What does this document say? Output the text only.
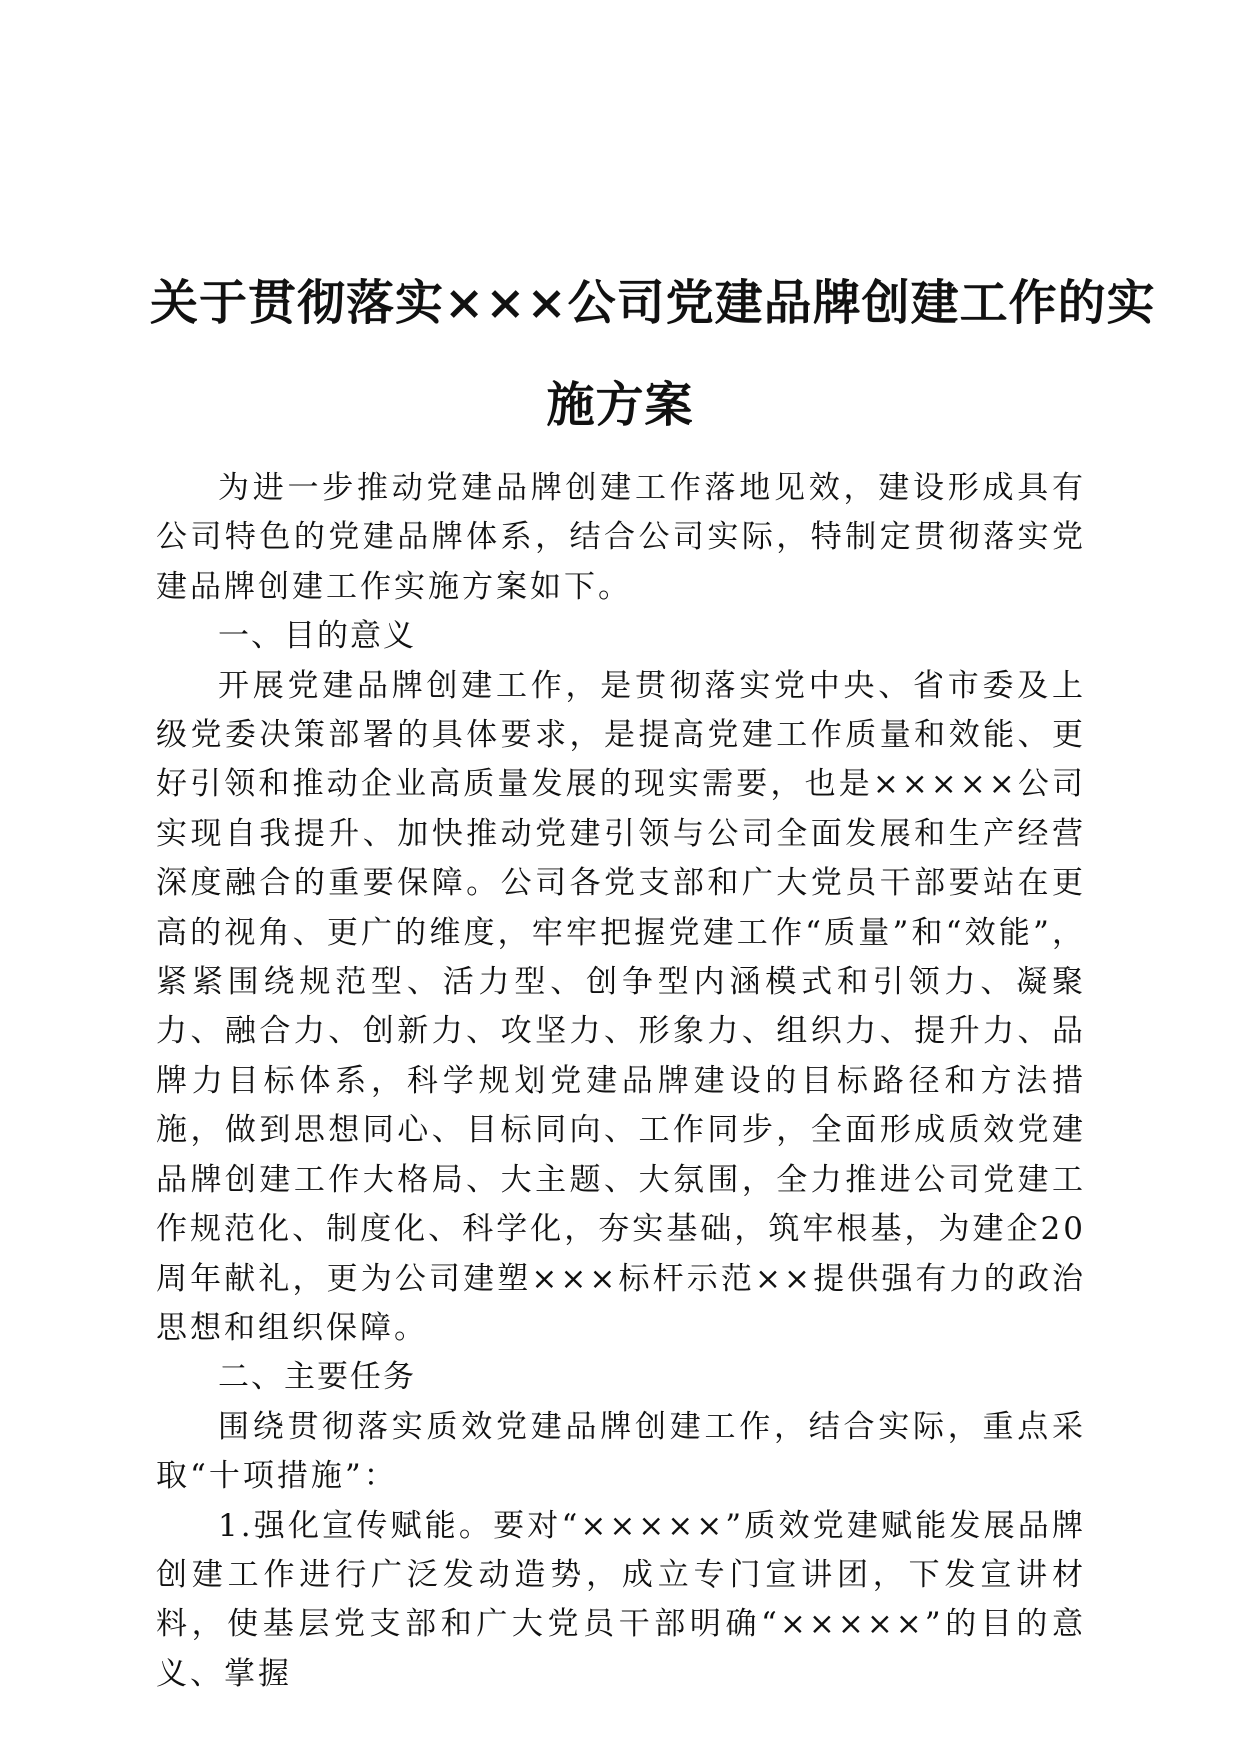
关于贯彻落实×××公司党建品牌创建工作的实
施方案

为进一步推动党建品牌创建工作落地见效，建设形成具有公司特色的党建品牌体系，结合公司实际，特制定贯彻落实党建品牌创建工作实施方案如下。

一、目的意义

开展党建品牌创建工作，是贯彻落实党中央、省市委及上级党委决策部署的具体要求，是提高党建工作质量和效能、更好引领和推动企业高质量发展的现实需要，也是×××××公司实现自我提升、加快推动党建引领与公司全面发展和生产经营深度融合的重要保障。公司各党支部和广大党员干部要站在更高的视角、更广的维度，牢牢把握党建工作“质量”和“效能”，紧紧围绕规范型、活力型、创争型内涵模式和引领力、凝聚力、融合力、创新力、攻坚力、形象力、组织力、提升力、品牌力目标体系，科学规划党建品牌建设的目标路径和方法措施，做到思想同心、目标同向、工作同步，全面形成质效党建品牌创建工作大格局、大主题、大氛围，全力推进公司党建工作规范化、制度化、科学化，夯实基础，筑牢根基，为建企20周年献礼，更为公司建塑×××标杆示范××提供强有力的政治思想和组织保障。

二、主要任务

围绕贯彻落实质效党建品牌创建工作，结合实际，重点采取“十项措施”：

1.强化宣传赋能。要对“×××××”质效党建赋能发展品牌创建工作进行广泛发动造势，成立专门宣讲团，下发宣讲材料，使基层党支部和广大党员干部明确“×××××”的目的意义、掌握
